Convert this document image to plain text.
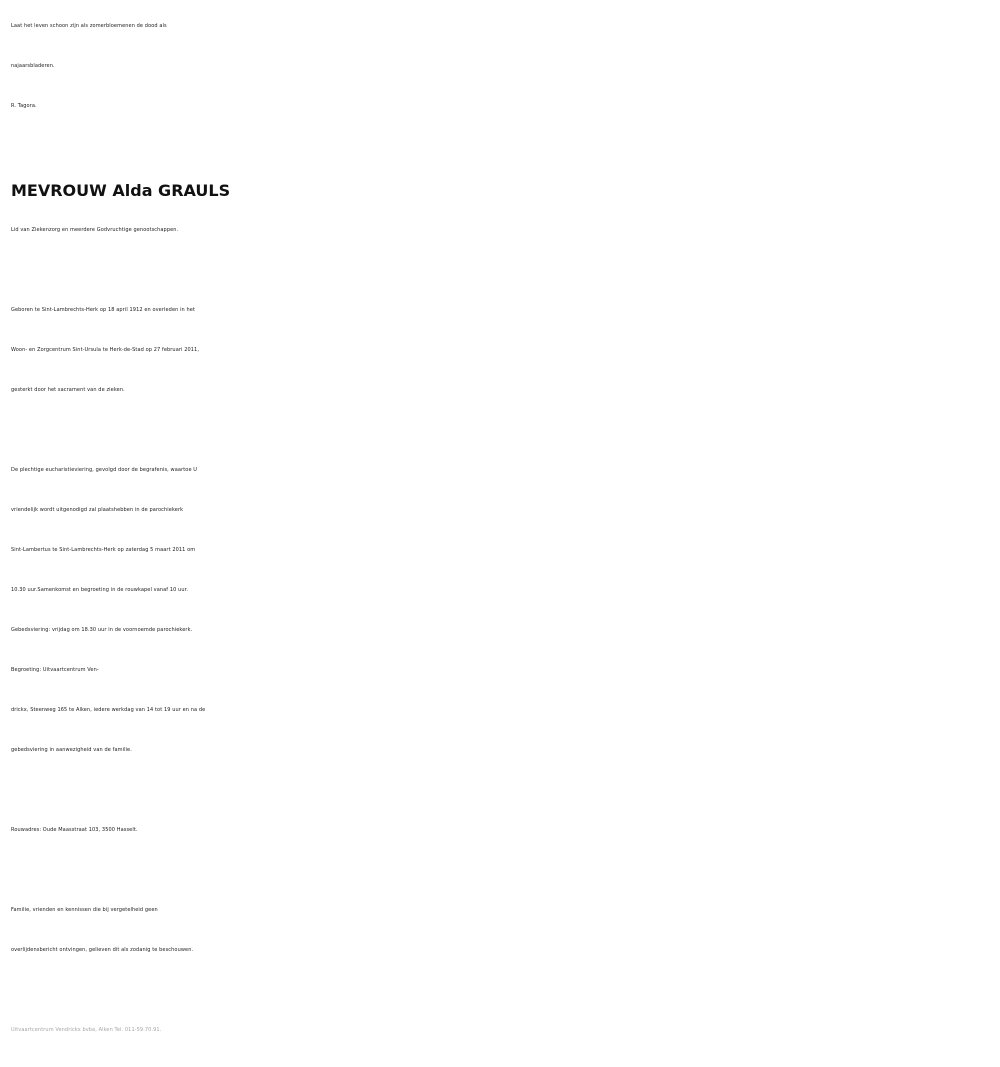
Laat het leven schoon zijn als zomerbloemenen de dood als
najaarsbladeren.
R. Tagora.
MEVROUW Alda GRAULS
Lid van Ziekenzorg en meerdere Godvruchtige genootschappen.
Geboren te Sint-Lambrechts-Herk op 18 april 1912 en overleden in het
Woon- en Zorgcentrum Sint-Ursula te Herk-de-Stad op 27 februari 2011,
gesterkt door het sacrament van de zieken.
De plechtige eucharistieviering, gevolgd door de begrafenis, waartoe U
vriendelijk wordt uitgenodigd zal plaatshebben in de parochiekerk
Sint-Lambertus te Sint-Lambrechts-Herk op zaterdag 5 maart 2011 om
10.30 uur.Samenkomst en begroeting in de rouwkapel vanaf 10 uur.
Gebedsviering: vrijdag om 18.30 uur in de voornoemde parochiekerk.
Begroeting: Uitvaartcentrum Ven-
drickx, Steenweg 165 te Alken, iedere werkdag van 14 tot 19 uur en na de
gebedsviering in aanwezigheid van de familie.
Rouwadres: Oude Maasstraat 103, 3500 Hasselt.
Familie, vrienden en kennissen die bij vergetelheid geen
overlijdensbericht ontvingen, gelieven dit als zodanig te beschouwen.
Uitvaartcentrum Vendrickx bvba, Alken Tel. 011-59.70.91.
